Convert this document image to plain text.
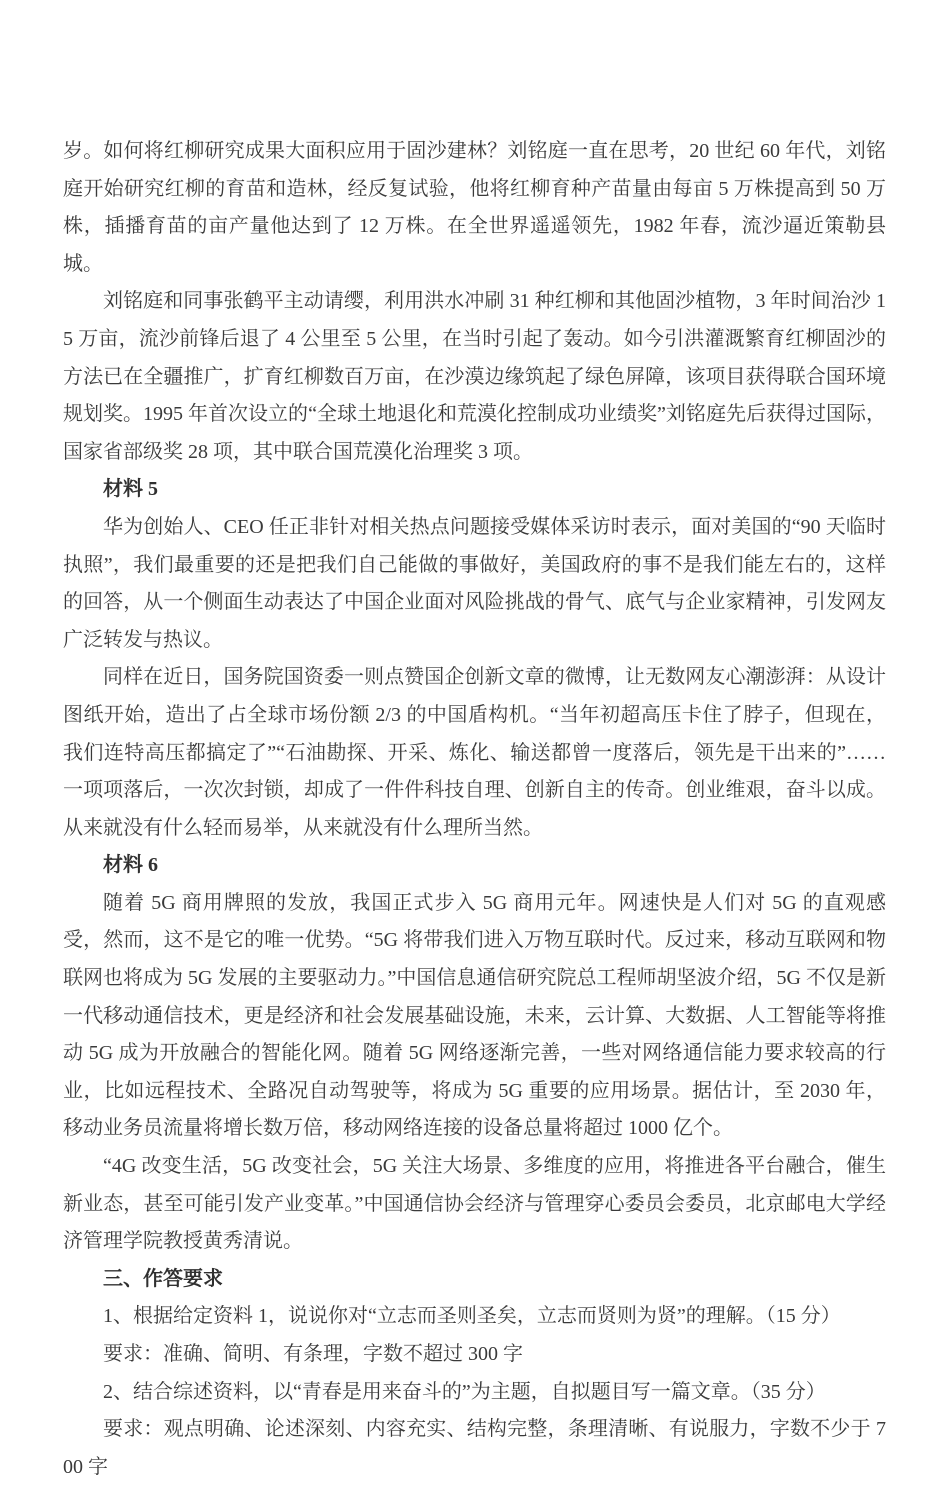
岁。如何将红柳研究成果大面积应用于固沙建林？刘铭庭一直在思考，20 世纪 60 年代，刘铭庭开始研究红柳的育苗和造林，经反复试验，他将红柳育种产苗量由每亩 5 万株提高到 50 万株，插播育苗的亩产量他达到了 12 万株。在全世界遥遥领先，1982 年春，流沙逼近策勒县城。

刘铭庭和同事张鹤平主动请缨，利用洪水冲刷 31 种红柳和其他固沙植物，3 年时间治沙 15 万亩，流沙前锋后退了 4 公里至 5 公里，在当时引起了轰动。如今引洪灌溉繁育红柳固沙的方法已在全疆推广，扩育红柳数百万亩，在沙漠边缘筑起了绿色屏障，该项目获得联合国环境规划奖。1995 年首次设立的“全球土地退化和荒漠化控制成功业绩奖”刘铭庭先后获得过国际，国家省部级奖 28 项，其中联合国荒漠化治理奖 3 项。

材料 5

华为创始人、CEO 任正非针对相关热点问题接受媒体采访时表示，面对美国的“90 天临时执照”，我们最重要的还是把我们自己能做的事做好，美国政府的事不是我们能左右的，这样的回答，从一个侧面生动表达了中国企业面对风险挑战的骨气、底气与企业家精神，引发网友广泛转发与热议。

同样在近日，国务院国资委一则点赞国企创新文章的微博，让无数网友心潮澎湃：从设计图纸开始，造出了占全球市场份额 2/3 的中国盾构机。“当年初超高压卡住了脖子，但现在，我们连特高压都搞定了”“石油勘探、开采、炼化、输送都曾一度落后，领先是干出来的”……一项项落后，一次次封锁，却成了一件件科技自理、创新自主的传奇。创业维艰，奋斗以成。从来就没有什么轻而易举，从来就没有什么理所当然。

材料 6

随着 5G 商用牌照的发放，我国正式步入 5G 商用元年。网速快是人们对 5G 的直观感受，然而，这不是它的唯一优势。“5G 将带我们进入万物互联时代。反过来，移动互联网和物联网也将成为 5G 发展的主要驱动力。”中国信息通信研究院总工程师胡坚波介绍，5G 不仅是新一代移动通信技术，更是经济和社会发展基础设施，未来，云计算、大数据、人工智能等将推动 5G 成为开放融合的智能化网。随着 5G 网络逐渐完善，一些对网络通信能力要求较高的行业，比如远程技术、全路况自动驾驶等，将成为 5G 重要的应用场景。据估计，至 2030 年，移动业务员流量将增长数万倍，移动网络连接的设备总量将超过 1000 亿个。

“4G 改变生活，5G 改变社会，5G 关注大场景、多维度的应用，将推进各平台融合，催生新业态，甚至可能引发产业变革。”中国通信协会经济与管理穿心委员会委员，北京邮电大学经济管理学院教授黄秀清说。

三、作答要求

1、根据给定资料 1，说说你对“立志而圣则圣矣，立志而贤则为贤”的理解。（15 分）

要求：准确、简明、有条理，字数不超过 300 字

2、结合综述资料，以“青春是用来奋斗的”为主题，自拟题目写一篇文章。（35 分）

要求：观点明确、论述深刻、内容充实、结构完整，条理清晰、有说服力，字数不少于 700 字
